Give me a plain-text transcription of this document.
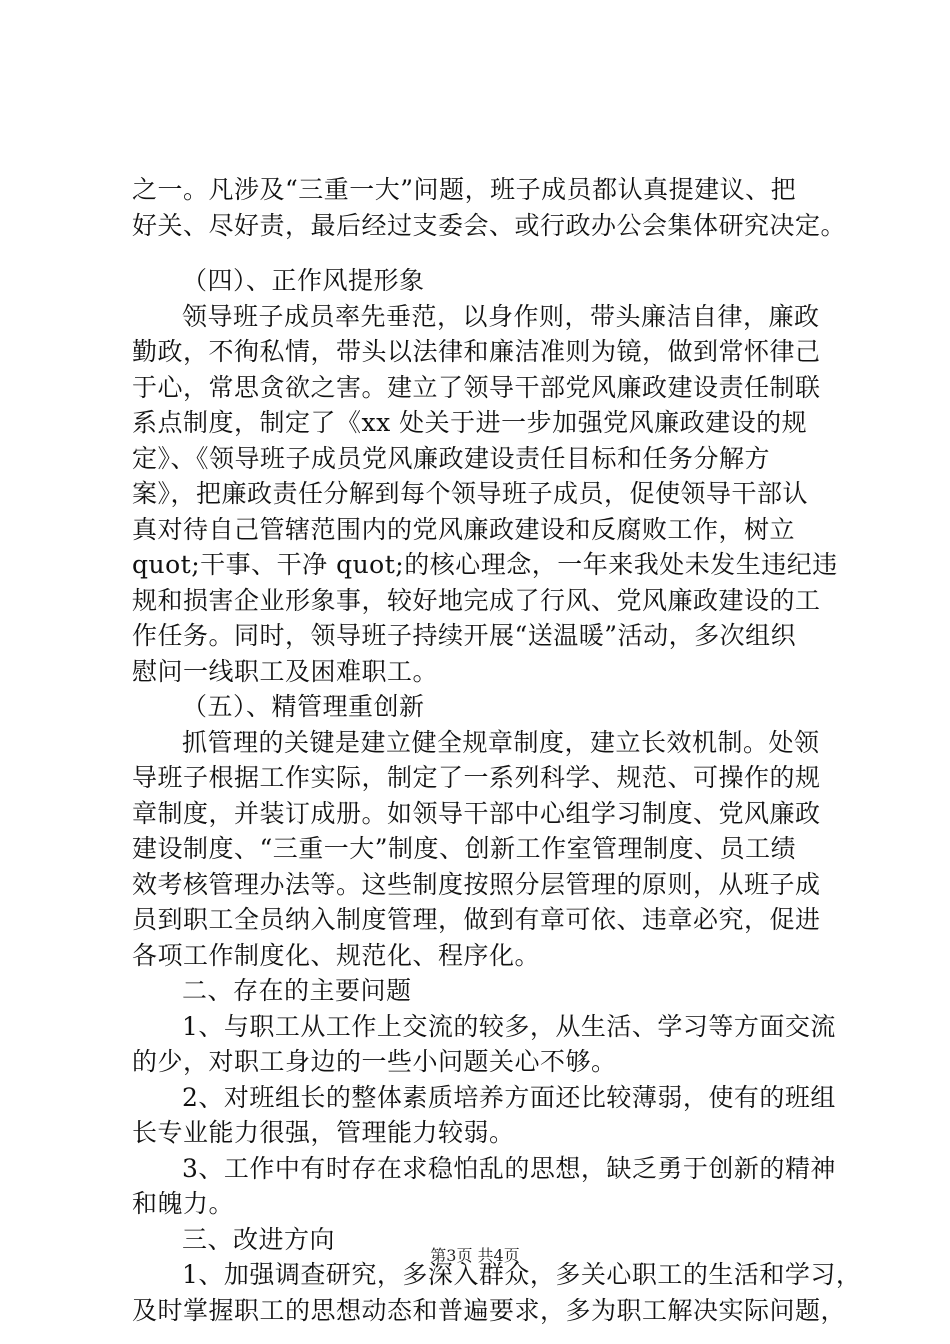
之一。凡涉及“三重一大”问题，班子成员都认真提建议、把
好关、尽好责，最后经过支委会、或行政办公会集体研究决定。
（四）、正作风提形象
领导班子成员率先垂范，以身作则，带头廉洁自律，廉政
勤政，不徇私情，带头以法律和廉洁准则为镜，做到常怀律己
于心，常思贪欲之害。建立了领导干部党风廉政建设责任制联
系点制度，制定了《xx 处关于进一步加强党风廉政建设的规
定》、《领导班子成员党风廉政建设责任目标和任务分解方
案》，把廉政责任分解到每个领导班子成员，促使领导干部认
真对待自己管辖范围内的党风廉政建设和反腐败工作，树立
quot;干事、干净 quot;的核心理念，一年来我处未发生违纪违
规和损害企业形象事，较好地完成了行风、党风廉政建设的工
作任务。同时，领导班子持续开展“送温暖”活动，多次组织
慰问一线职工及困难职工。
（五）、精管理重创新
抓管理的关键是建立健全规章制度，建立长效机制。处领
导班子根据工作实际，制定了一系列科学、规范、可操作的规
章制度，并装订成册。如领导干部中心组学习制度、党风廉政
建设制度、“三重一大”制度、创新工作室管理制度、员工绩
效考核管理办法等。这些制度按照分层管理的原则，从班子成
员到职工全员纳入制度管理，做到有章可依、违章必究，促进
各项工作制度化、规范化、程序化。
二、存在的主要问题
1、与职工从工作上交流的较多，从生活、学习等方面交流
的少，对职工身边的一些小问题关心不够。
2、对班组长的整体素质培养方面还比较薄弱，使有的班组
长专业能力很强，管理能力较弱。
3、工作中有时存在求稳怕乱的思想，缺乏勇于创新的精神
和魄力。
三、改进方向
1、加强调查研究，多深入群众，多关心职工的生活和学习，
及时掌握职工的思想动态和普遍要求，多为职工解决实际问题，
第3页 共4页
